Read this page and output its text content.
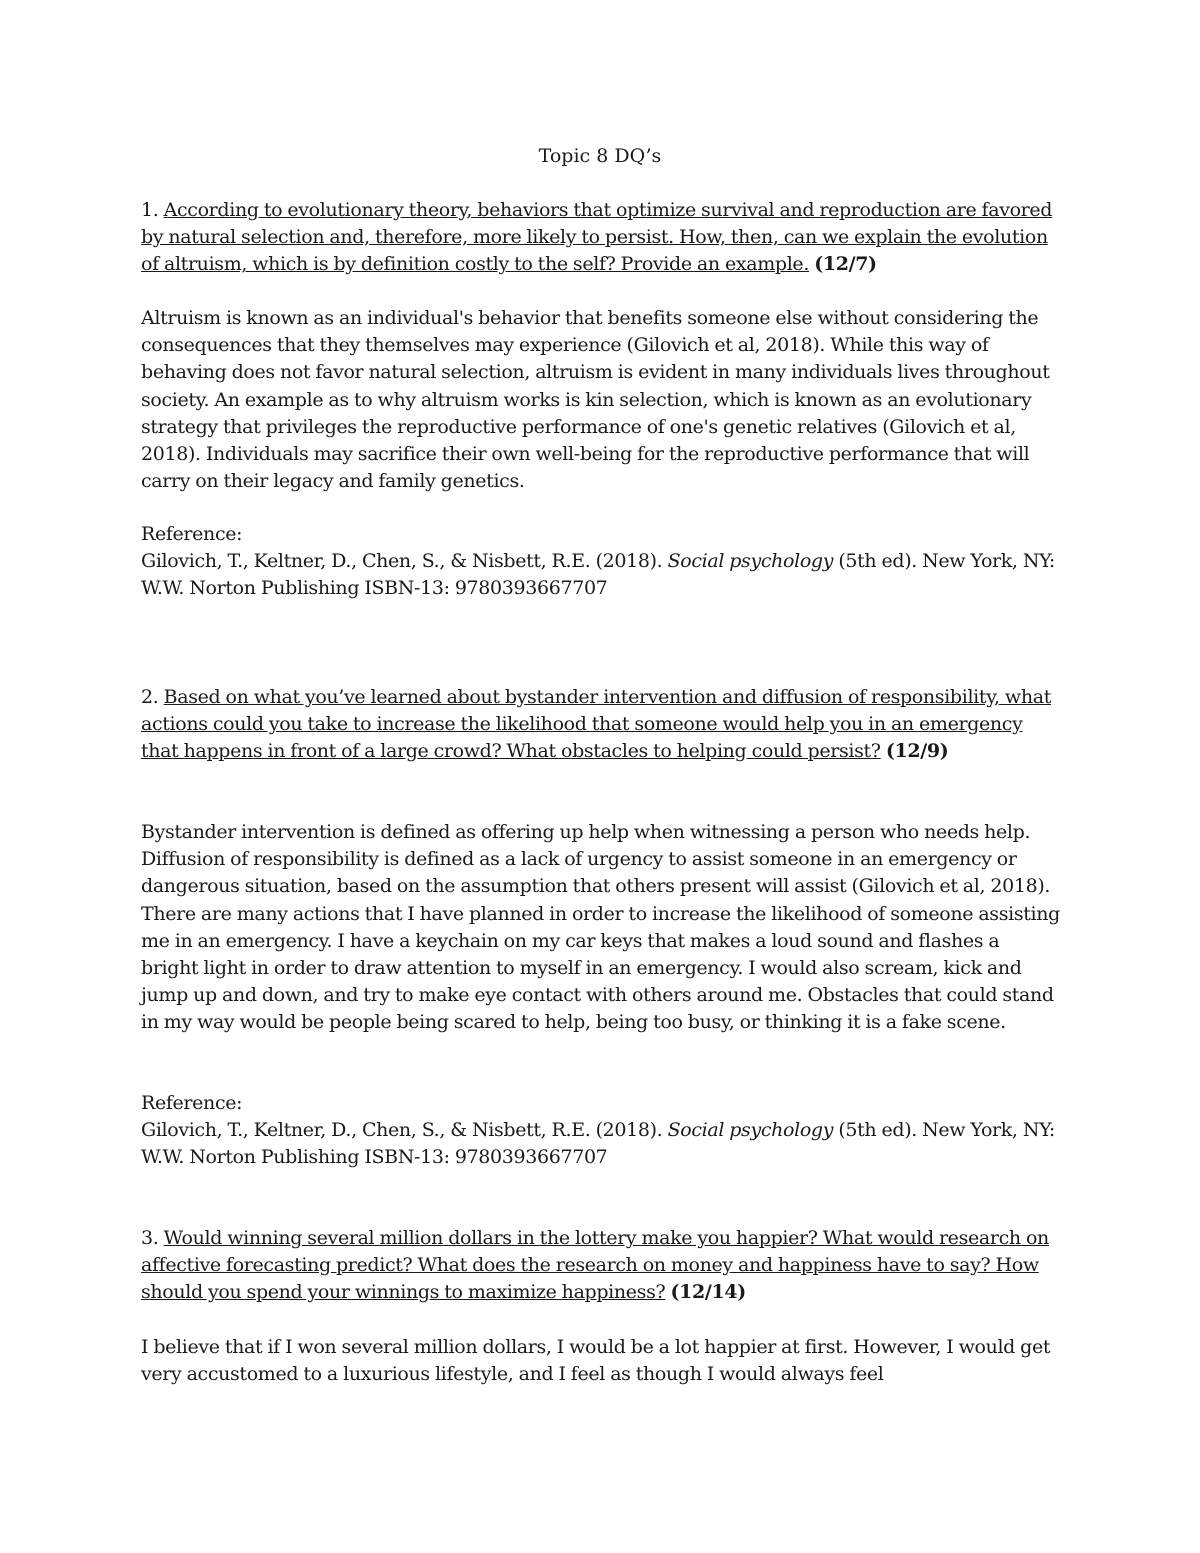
Topic 8 DQ’s

1. According to evolutionary theory, behaviors that optimize survival and reproduction are favored by natural selection and, therefore, more likely to persist. How, then, can we explain the evolution of altruism, which is by definition costly to the self? Provide an example. (12/7)

Altruism is known as an individual's behavior that benefits someone else without considering the consequences that they themselves may experience (Gilovich et al, 2018). While this way of behaving does not favor natural selection, altruism is evident in many individuals lives throughout society. An example as to why altruism works is kin selection, which is known as an evolutionary strategy that privileges the reproductive performance of one's genetic relatives (Gilovich et al, 2018). Individuals may sacrifice their own well-being for the reproductive performance that will carry on their legacy and family genetics.

Reference:

Gilovich, T., Keltner, D., Chen, S., & Nisbett, R.E. (2018). Social psychology (5th ed). New York, NY: W.W. Norton Publishing ISBN-13: 9780393667707

2. Based on what you’ve learned about bystander intervention and diffusion of responsibility, what actions could you take to increase the likelihood that someone would help you in an emergency that happens in front of a large crowd? What obstacles to helping could persist? (12/9)

Bystander intervention is defined as offering up help when witnessing a person who needs help. Diffusion of responsibility is defined as a lack of urgency to assist someone in an emergency or dangerous situation, based on the assumption that others present will assist (Gilovich et al, 2018). There are many actions that I have planned in order to increase the likelihood of someone assisting me in an emergency. I have a keychain on my car keys that makes a loud sound and flashes a bright light in order to draw attention to myself in an emergency. I would also scream, kick and jump up and down, and try to make eye contact with others around me. Obstacles that could stand in my way would be people being scared to help, being too busy, or thinking it is a fake scene.

Reference:

Gilovich, T., Keltner, D., Chen, S., & Nisbett, R.E. (2018). Social psychology (5th ed). New York, NY: W.W. Norton Publishing ISBN-13: 9780393667707

3. Would winning several million dollars in the lottery make you happier? What would research on affective forecasting predict? What does the research on money and happiness have to say? How should you spend your winnings to maximize happiness? (12/14)

I believe that if I won several million dollars, I would be a lot happier at first. However, I would get very accustomed to a luxurious lifestyle, and I feel as though I would always feel
